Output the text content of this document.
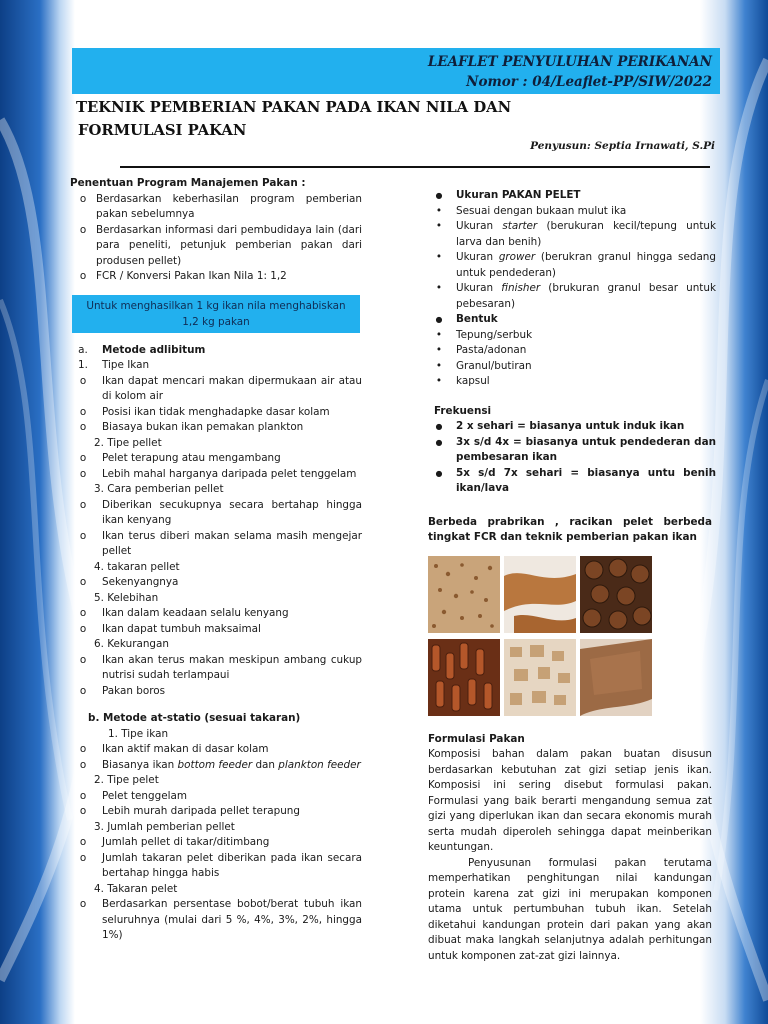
LEAFLET PENYULUHAN PERIKANAN
Nomor : 04/Leaflet-PP/SIW/2022
TEKNIK PEMBERIAN PAKAN PADA IKAN NILA DAN
FORMULASI PAKAN
Penyusun: Septia Irnawati, S.Pi
Penentuan Program Manajemen Pakan :
o Berdasarkan keberhasilan program pemberian pakan sebelumnya
o Berdasarkan informasi dari pembudidaya lain (dari para peneliti, petunjuk pemberian pakan dari produsen pellet)
o FCR / Konversi Pakan Ikan Nila 1: 1,2
Untuk menghasilkan 1 kg ikan nila menghabiskan 1,2 kg pakan
a.	Metode adlibitum
1.	Tipe Ikan
o	Ikan dapat mencari makan dipermukaan air atau di kolom air
o	Posisi ikan tidak menghadapke dasar kolam
o	Biasaya bukan ikan pemakan plankton
2. Tipe pellet
o	Pelet terapung atau mengambang
o	Lebih mahal harganya daripada pelet tenggelam
3. Cara pemberian pellet
o	Diberikan secukupnya secara bertahap hingga ikan kenyang
o	Ikan terus diberi makan selama masih mengejar pellet
4. takaran pellet
o	Sekenyangnya
5. Kelebihan
o	Ikan dalam keadaan selalu kenyang
o	Ikan dapat tumbuh maksaimal
6. Kekurangan
o	Ikan akan terus makan meskipun ambang cukup nutrisi sudah terlampaui
o	Pakan boros
b. Metode at-statio (sesuai takaran)
1. Tipe ikan
o	Ikan aktif makan di dasar kolam
o	Biasanya ikan bottom feeder dan plankton feeder
2. Tipe pelet
o	Pelet tenggelam
o	Lebih murah daripada pellet terapung
3. Jumlah pemberian pellet
o	Jumlah pellet di takar/ditimbang
o	Jumlah takaran pelet diberikan pada ikan secara bertahap hingga habis
4. Takaran pelet
o	Berdasarkan persentase bobot/berat tubuh ikan seluruhnya (mulai dari 5 %, 4%, 3%, 2%, hingga 1%)
●	Ukuran PAKAN PELET
•	Sesuai dengan bukaan mulut ika
•	Ukuran starter (berukuran kecil/tepung untuk larva dan benih)
•	Ukuran grower (berukran granul hingga sedang untuk pendederan)
•	Ukuran finisher (brukuran granul besar untuk pebesaran)
●	Bentuk
•	Tepung/serbuk
•	Pasta/adonan
•	Granul/butiran
•	kapsul
Frekuensi
●	2 x sehari = biasanya untuk induk ikan
●	3x s/d 4x = biasanya untuk pendederan dan pembesaran ikan
●	5x s/d 7x sehari = biasanya untu benih ikan/lava
Berbeda prabrikan , racikan pelet berbeda tingkat FCR dan teknik pemberian pakan ikan
Formulasi Pakan
Komposisi bahan dalam pakan buatan disusun berdasarkan kebutuhan zat gizi setiap jenis ikan. Komposisi ini sering disebut formulasi pakan. Formulasi yang baik berarti mengandung semua zat gizi yang diperlukan ikan dan secara ekonomis murah serta mudah diperoleh sehingga dapat meinberikan keuntungan.
Penyusunan formulasi pakan terutama memperhatikan penghitungan nilai kandungan protein karena zat gizi ini merupakan komponen utama untuk pertumbuhan tubuh ikan. Setelah diketahui kandungan protein dari pakan yang akan dibuat maka langkah selanjutnya adalah perhitungan untuk komponen zat-zat gizi lainnya.
